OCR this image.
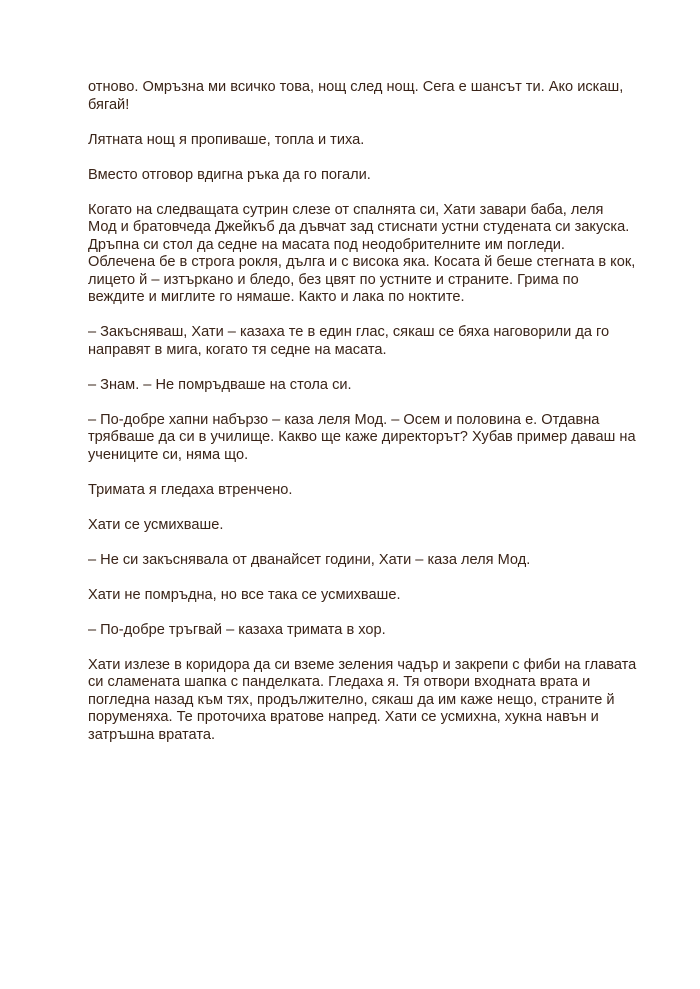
отново. Омръзна ми всичко това, нощ след нощ. Сега е шансът ти. Ако искаш,
бягай!

Лятната нощ я пропиваше, топла и тиха.

Вместо отговор вдигна ръка да го погали.

Когато на следващата сутрин слезе от спалнята си, Хати завари баба, леля
Мод и братовчеда Джейкъб да дъвчат зад стиснати устни студената си закуска.
Дръпна си стол да седне на масата под неодобрителните им погледи.
Облечена бе в строга рокля, дълга и с висока яка. Косата й беше стегната в кок,
лицето й – изтъркано и бледо, без цвят по устните и страните. Грима по
веждите и миглите го нямаше. Както и лака по ноктите.

– Закъсняваш, Хати – казаха те в един глас, сякаш се бяха наговорили да го
направят в мига, когато тя седне на масата.

– Знам. – Не помръдваше на стола си.

– По-добре хапни набързо – каза леля Мод. – Осем и половина е. Отдавна
трябваше да си в училище. Какво ще каже директорът? Хубав пример даваш на
учениците си, няма що.

Тримата я гледаха втренчено.

Хати се усмихваше.

– Не си закъснявала от дванайсет години, Хати – каза леля Мод.

Хати не помръдна, но все така се усмихваше.

– По-добре тръгвай – казаха тримата в хор.

Хати излезе в коридора да си вземе зеления чадър и закрепи с фиби на главата
си сламената шапка с панделката. Гледаха я. Тя отвори входната врата и
погледна назад към тях, продължително, сякаш да им каже нещо, страните й
поруменяха. Те проточиха вратове напред. Хати се усмихна, хукна навън и
затръшна вратата.
